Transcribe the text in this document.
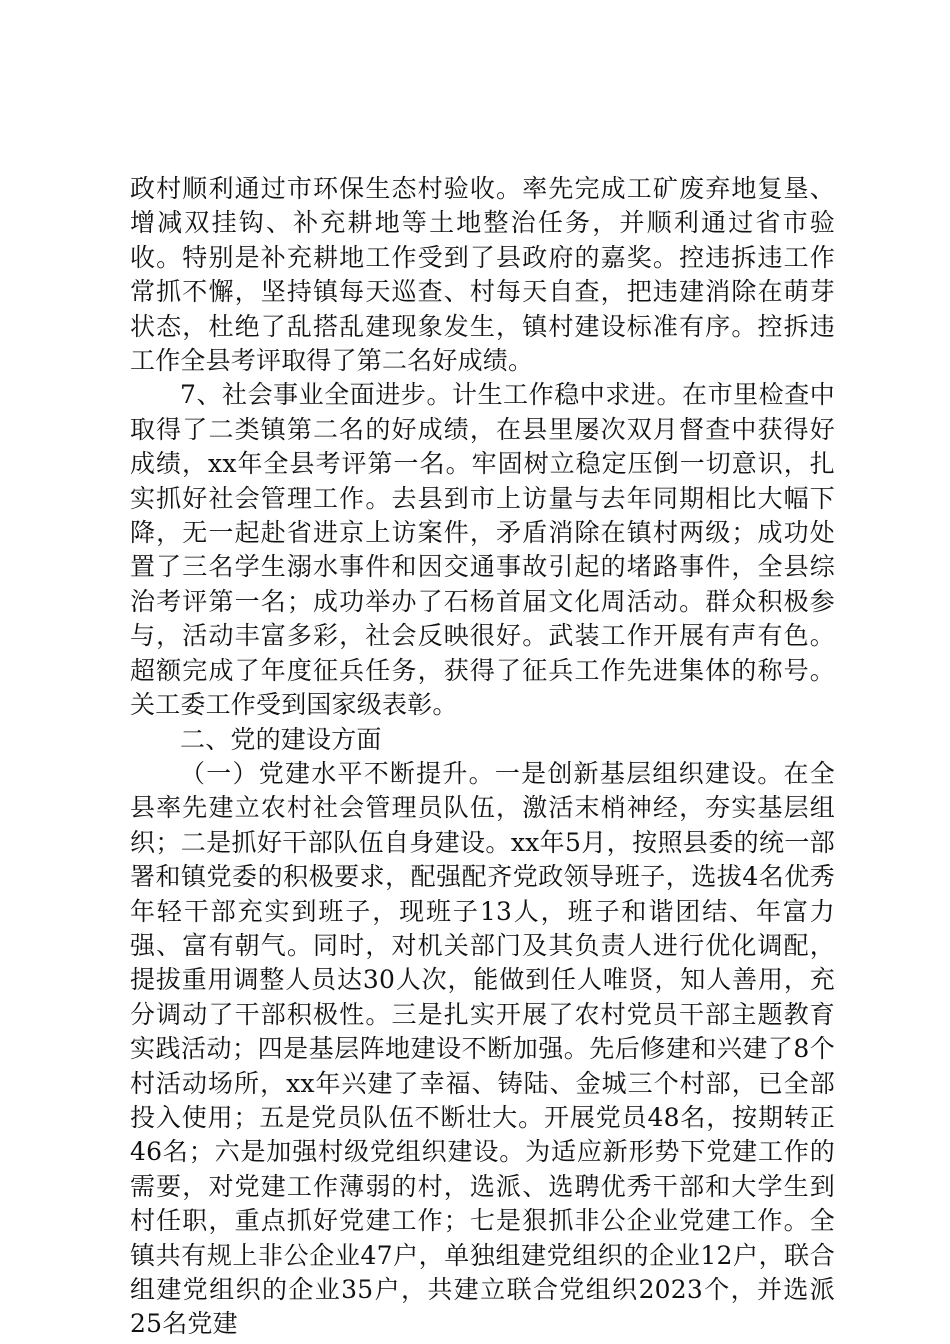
政村顺利通过市环保生态村验收。率先完成工矿废弃地复垦、增减双挂钩、补充耕地等土地整治任务，并顺利通过省市验收。特别是补充耕地工作受到了县政府的嘉奖。控违拆违工作常抓不懈，坚持镇每天巡查、村每天自查，把违建消除在萌芽状态，杜绝了乱搭乱建现象发生，镇村建设标准有序。控拆违工作全县考评取得了第二名好成绩。

7、社会事业全面进步。计生工作稳中求进。在市里检查中取得了二类镇第二名的好成绩，在县里屡次双月督查中获得好成绩，xx年全县考评第一名。牢固树立稳定压倒一切意识，扎实抓好社会管理工作。去县到市上访量与去年同期相比大幅下降，无一起赴省进京上访案件，矛盾消除在镇村两级；成功处置了三名学生溺水事件和因交通事故引起的堵路事件，全县综治考评第一名；成功举办了石杨首届文化周活动。群众积极参与，活动丰富多彩，社会反映很好。武装工作开展有声有色。超额完成了年度征兵任务，获得了征兵工作先进集体的称号。关工委工作受到国家级表彰。

二、党的建设方面

（一）党建水平不断提升。一是创新基层组织建设。在全县率先建立农村社会管理员队伍，激活末梢神经，夯实基层组织；二是抓好干部队伍自身建设。xx年5月，按照县委的统一部署和镇党委的积极要求，配强配齐党政领导班子，选拔4名优秀年轻干部充实到班子，现班子13人，班子和谐团结、年富力强、富有朝气。同时，对机关部门及其负责人进行优化调配，提拔重用调整人员达30人次，能做到任人唯贤，知人善用，充分调动了干部积极性。三是扎实开展了农村党员干部主题教育实践活动；四是基层阵地建设不断加强。先后修建和兴建了8个村活动场所，xx年兴建了幸福、铸陆、金城三个村部，已全部投入使用；五是党员队伍不断壮大。开展党员48名，按期转正46名；六是加强村级党组织建设。为适应新形势下党建工作的需要，对党建工作薄弱的村，选派、选聘优秀干部和大学生到村任职，重点抓好党建工作；七是狠抓非公企业党建工作。全镇共有规上非公企业47户，单独组建党组织的企业12户，联合组建党组织的企业35户，共建立联合党组织2023个，并选派25名党建
